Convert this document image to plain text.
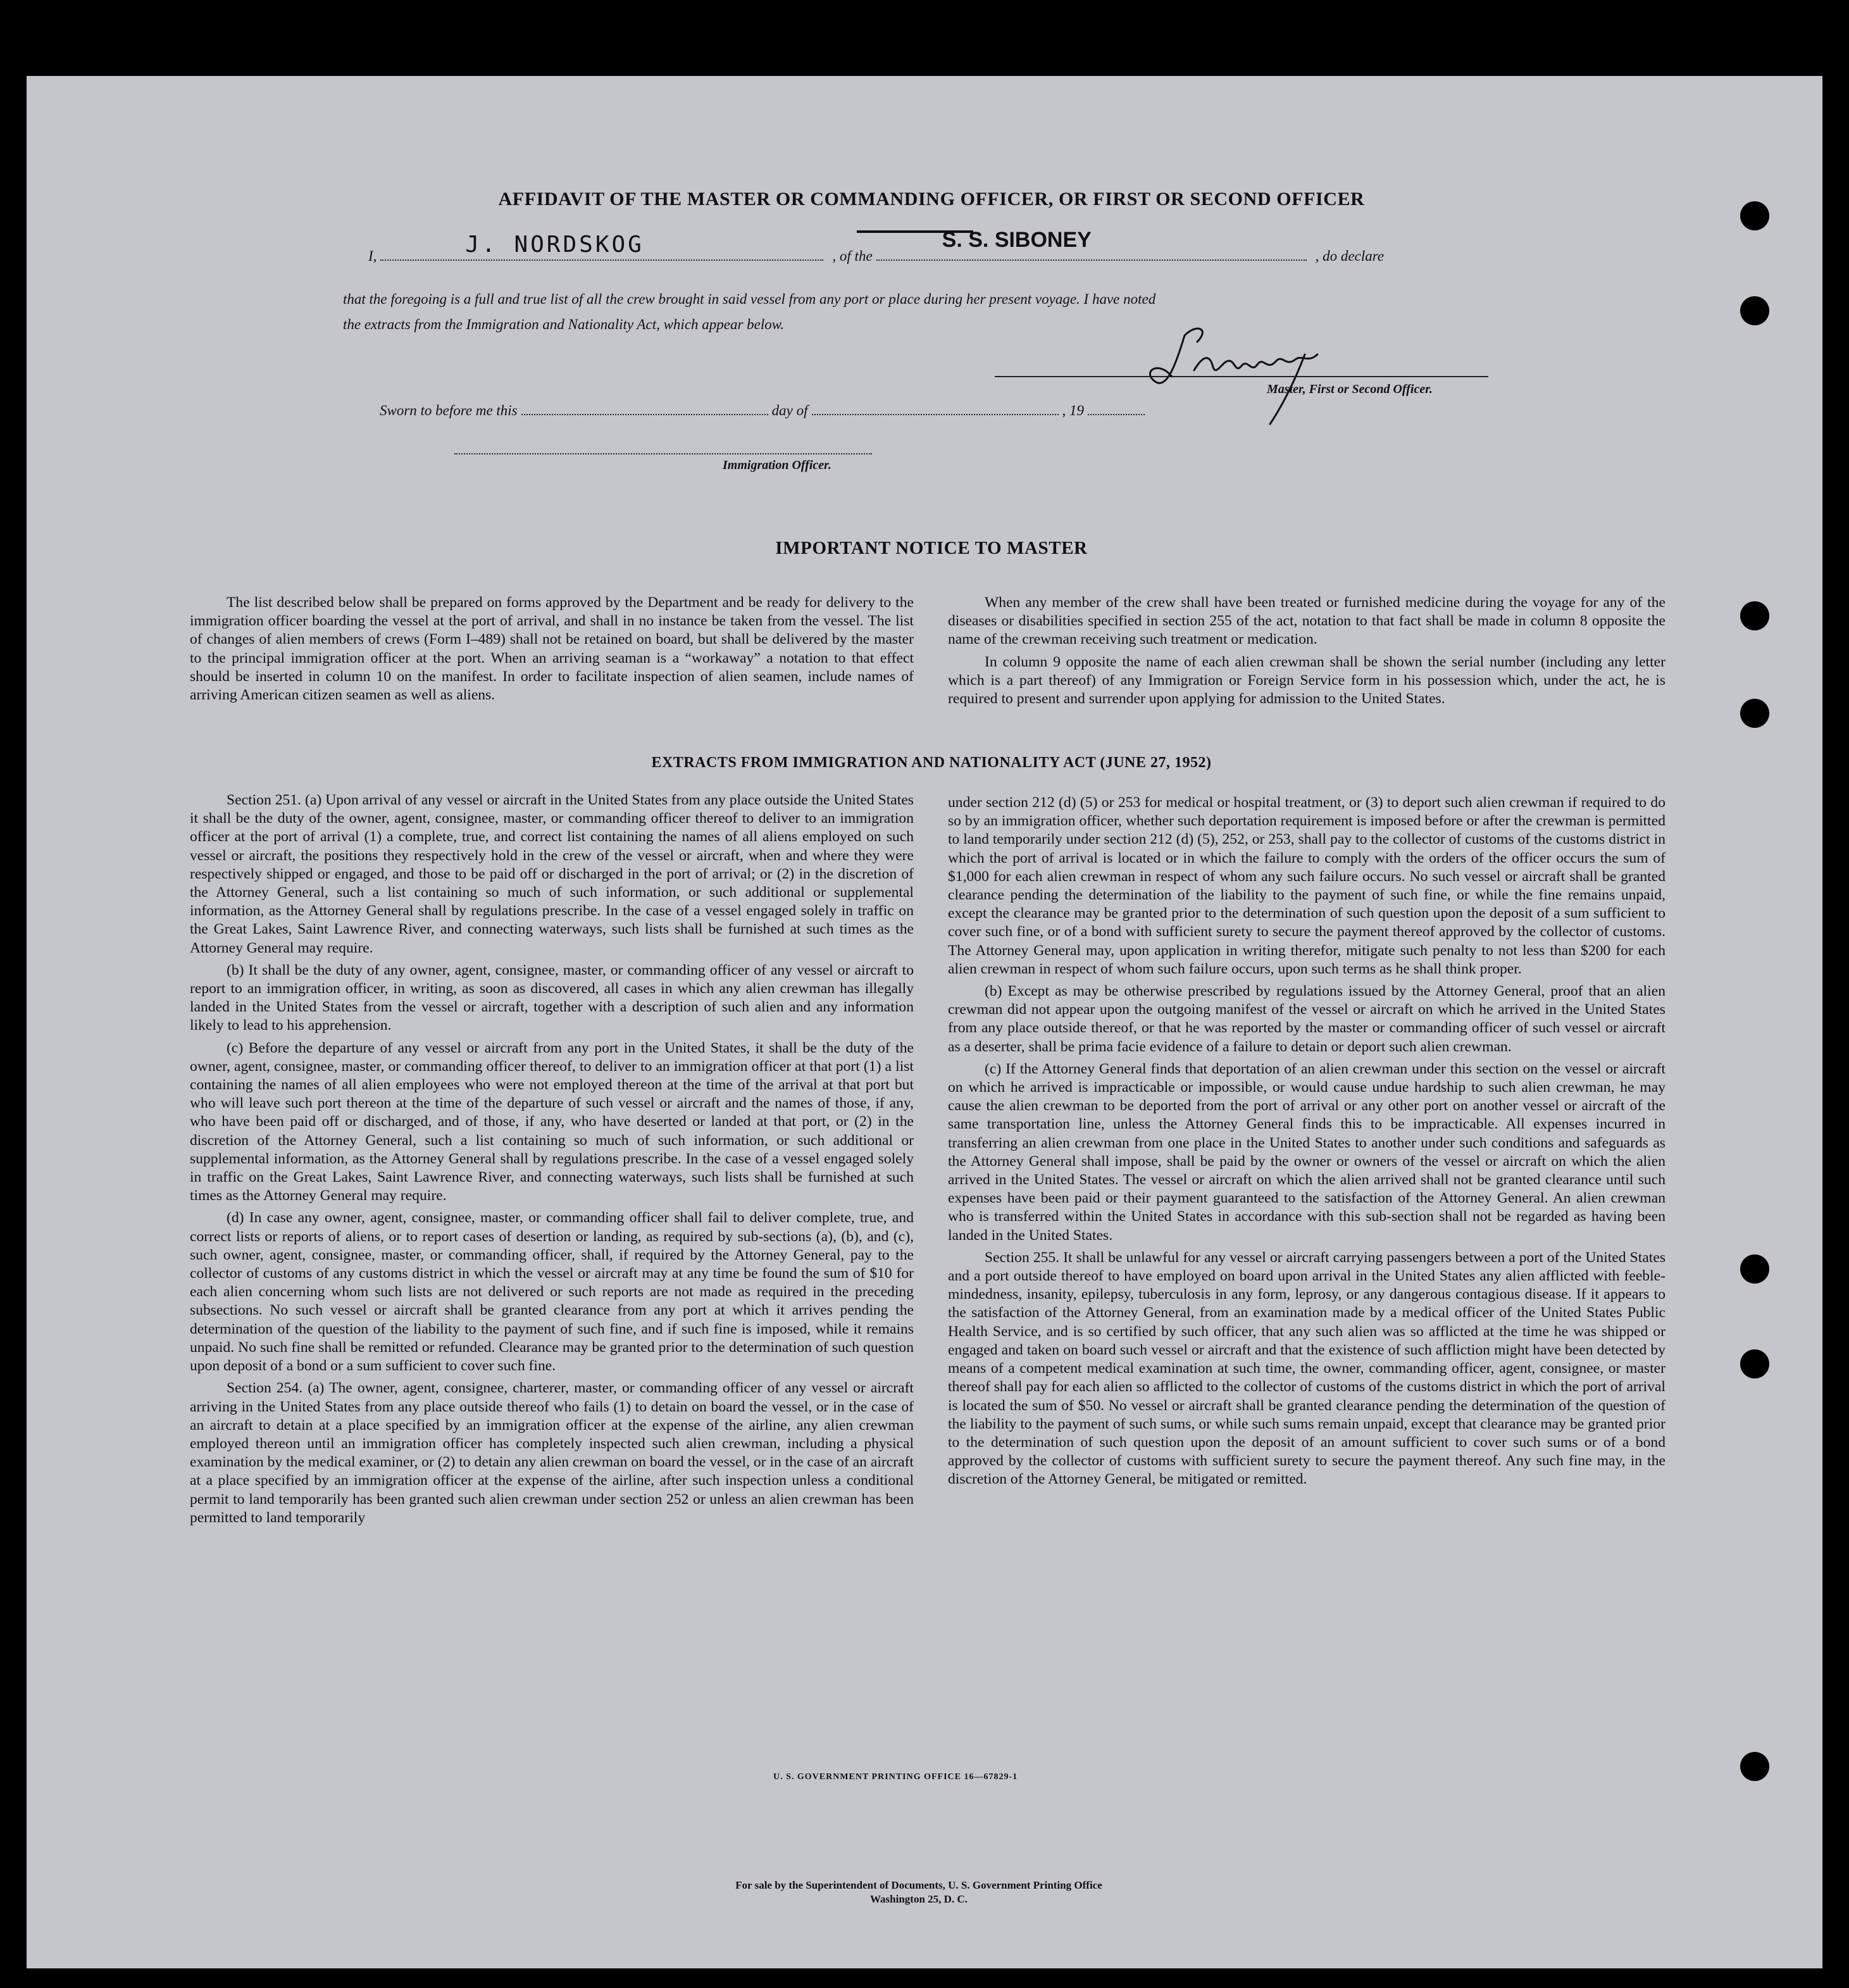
AFFIDAVIT OF THE MASTER OR COMMANDING OFFICER, OR FIRST OR SECOND OFFICER
I,	J. NORDSKOG	, of the
S. S. SIBONEY
, do declare
that the foregoing is a full and true list of all the crew brought in said vessel from any port or place during her present voyage. I have noted
the extracts from the Immigration and Nationality Act, which appear below.
Master, First or Second Officer.
Sworn to before me this	day of	, 19
Immigration Officer.
IMPORTANT NOTICE TO MASTER

The list described below shall be prepared on forms approved by the Department and be ready for delivery to the immigration officer boarding the vessel at the port of arrival, and shall in no instance be taken from the vessel. The list of changes of alien members of crews (Form I–489) shall not be retained on board, but shall be delivered by the master to the principal immigration officer at the port. When an arriving seaman is a “workaway” a notation to that effect should be inserted in column 10 on the manifest. In order to facilitate inspection of alien seamen, include names of arriving American citizen seamen as well as aliens.

When any member of the crew shall have been treated or furnished medicine during the voyage for any of the diseases or disabilities specified in section 255 of the act, notation to that fact shall be made in column 8 opposite the name of the crewman receiving such treatment or medication.

In column 9 opposite the name of each alien crewman shall be shown the serial number (including any letter which is a part thereof) of any Immigration or Foreign Service form in his possession which, under the act, he is required to present and surrender upon applying for admission to the United States.

EXTRACTS FROM IMMIGRATION AND NATIONALITY ACT (JUNE 27, 1952)

Section 251. (a) Upon arrival of any vessel or aircraft in the United States from any place outside the United States it shall be the duty of the owner, agent, consignee, master, or commanding officer thereof to deliver to an immigration officer at the port of arrival (1) a complete, true, and correct list containing the names of all aliens employed on such vessel or aircraft, the positions they respectively hold in the crew of the vessel or aircraft, when and where they were respectively shipped or engaged, and those to be paid off or discharged in the port of arrival; or (2) in the discretion of the Attorney General, such a list containing so much of such information, or such additional or supplemental information, as the Attorney General shall by regulations prescribe. In the case of a vessel engaged solely in traffic on the Great Lakes, Saint Lawrence River, and connecting waterways, such lists shall be furnished at such times as the Attorney General may require.

(b) It shall be the duty of any owner, agent, consignee, master, or commanding officer of any vessel or aircraft to report to an immigration officer, in writing, as soon as discovered, all cases in which any alien crewman has illegally landed in the United States from the vessel or aircraft, together with a description of such alien and any information likely to lead to his apprehension.

(c) Before the departure of any vessel or aircraft from any port in the United States, it shall be the duty of the owner, agent, consignee, master, or commanding officer thereof, to deliver to an immigration officer at that port (1) a list containing the names of all alien employees who were not employed thereon at the time of the arrival at that port but who will leave such port thereon at the time of the departure of such vessel or aircraft and the names of those, if any, who have been paid off or discharged, and of those, if any, who have deserted or landed at that port, or (2) in the discretion of the Attorney General, such a list containing so much of such information, or such additional or supplemental information, as the Attorney General shall by regulations prescribe. In the case of a vessel engaged solely in traffic on the Great Lakes, Saint Lawrence River, and connecting waterways, such lists shall be furnished at such times as the Attorney General may require.

(d) In case any owner, agent, consignee, master, or commanding officer shall fail to deliver complete, true, and correct lists or reports of aliens, or to report cases of desertion or landing, as required by sub-sections (a), (b), and (c), such owner, agent, consignee, master, or commanding officer, shall, if required by the Attorney General, pay to the collector of customs of any customs district in which the vessel or aircraft may at any time be found the sum of $10 for each alien concerning whom such lists are not delivered or such reports are not made as required in the preceding subsections. No such vessel or aircraft shall be granted clearance from any port at which it arrives pending the determination of the question of the liability to the payment of such fine, and if such fine is imposed, while it remains unpaid. No such fine shall be remitted or refunded. Clearance may be granted prior to the determination of such question upon deposit of a bond or a sum sufficient to cover such fine.

Section 254. (a) The owner, agent, consignee, charterer, master, or commanding officer of any vessel or aircraft arriving in the United States from any place outside thereof who fails (1) to detain on board the vessel, or in the case of an aircraft to detain at a place specified by an immigration officer at the expense of the airline, any alien crewman employed thereon until an immigration officer has completely inspected such alien crewman, including a physical examination by the medical examiner, or (2) to detain any alien crewman on board the vessel, or in the case of an aircraft at a place specified by an immigration officer at the expense of the airline, after such inspection unless a conditional permit to land temporarily has been granted such alien crewman under section 252 or unless an alien crewman has been permitted to land temporarily

under section 212 (d) (5) or 253 for medical or hospital treatment, or (3) to deport such alien crewman if required to do so by an immigration officer, whether such deportation requirement is imposed before or after the crewman is permitted to land temporarily under section 212 (d) (5), 252, or 253, shall pay to the collector of customs of the customs district in which the port of arrival is located or in which the failure to comply with the orders of the officer occurs the sum of $1,000 for each alien crewman in respect of whom any such failure occurs. No such vessel or aircraft shall be granted clearance pending the determination of the liability to the payment of such fine, or while the fine remains unpaid, except the clearance may be granted prior to the determination of such question upon the deposit of a sum sufficient to cover such fine, or of a bond with sufficient surety to secure the payment thereof approved by the collector of customs. The Attorney General may, upon application in writing therefor, mitigate such penalty to not less than $200 for each alien crewman in respect of whom such failure occurs, upon such terms as he shall think proper.

(b) Except as may be otherwise prescribed by regulations issued by the Attorney General, proof that an alien crewman did not appear upon the outgoing manifest of the vessel or aircraft on which he arrived in the United States from any place outside thereof, or that he was reported by the master or commanding officer of such vessel or aircraft as a deserter, shall be prima facie evidence of a failure to detain or deport such alien crewman.

(c) If the Attorney General finds that deportation of an alien crewman under this section on the vessel or aircraft on which he arrived is impracticable or impossible, or would cause undue hardship to such alien crewman, he may cause the alien crewman to be deported from the port of arrival or any other port on another vessel or aircraft of the same transportation line, unless the Attorney General finds this to be impracticable. All expenses incurred in transferring an alien crewman from one place in the United States to another under such conditions and safeguards as the Attorney General shall impose, shall be paid by the owner or owners of the vessel or aircraft on which the alien arrived in the United States. The vessel or aircraft on which the alien arrived shall not be granted clearance until such expenses have been paid or their payment guaranteed to the satisfaction of the Attorney General. An alien crewman who is transferred within the United States in accordance with this sub-section shall not be regarded as having been landed in the United States.

Section 255. It shall be unlawful for any vessel or aircraft carrying passengers between a port of the United States and a port outside thereof to have employed on board upon arrival in the United States any alien afflicted with feeble-mindedness, insanity, epilepsy, tuberculosis in any form, leprosy, or any dangerous contagious disease. If it appears to the satisfaction of the Attorney General, from an examination made by a medical officer of the United States Public Health Service, and is so certified by such officer, that any such alien was so afflicted at the time he was shipped or engaged and taken on board such vessel or aircraft and that the existence of such affliction might have been detected by means of a competent medical examination at such time, the owner, commanding officer, agent, consignee, or master thereof shall pay for each alien so afflicted to the collector of customs of the customs district in which the port of arrival is located the sum of $50. No vessel or aircraft shall be granted clearance pending the determination of the question of the liability to the payment of such sums, or while such sums remain unpaid, except that clearance may be granted prior to the determination of such question upon the deposit of an amount sufficient to cover such sums or of a bond approved by the collector of customs with sufficient surety to secure the payment thereof. Any such fine may, in the discretion of the Attorney General, be mitigated or remitted.

U. S. GOVERNMENT PRINTING OFFICE 16—67829-1
For sale by the Superintendent of Documents, U. S. Government Printing Office
Washington 25, D. C.
